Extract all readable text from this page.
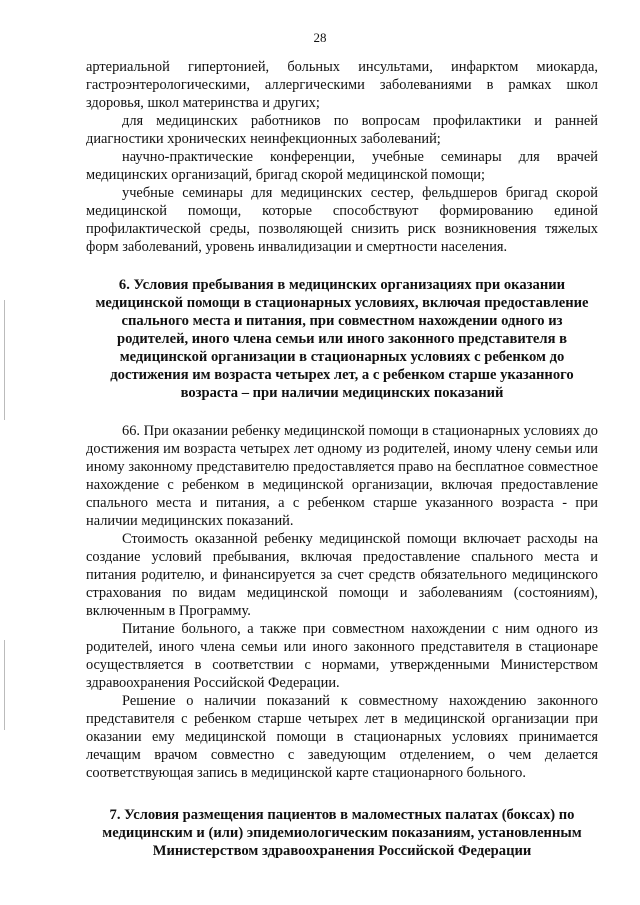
28

артериальной гипертонией, больных инсультами, инфарктом миокарда, гастроэнтерологическими, аллергическими заболеваниями в рамках школ здоровья, школ материнства и других;

для медицинских работников по вопросам профилактики и ранней диагностики хронических неинфекционных заболеваний;

научно-практические конференции, учебные семинары для врачей медицинских организаций, бригад скорой медицинской помощи;

учебные семинары для медицинских сестер, фельдшеров бригад скорой медицинской помощи, которые способствуют формированию единой профилактической среды, позволяющей снизить риск возникновения тяжелых форм заболеваний, уровень инвалидизации и смертности населения.

6. Условия пребывания в медицинских организациях при оказании медицинской помощи в стационарных условиях, включая предоставление спального места и питания, при совместном нахождении одного из родителей, иного члена семьи или иного законного представителя в медицинской организации в стационарных условиях с ребенком до достижения им возраста четырех лет, а с ребенком старше указанного возраста – при наличии медицинских показаний

66. При оказании ребенку медицинской помощи в стационарных условиях до достижения им возраста четырех лет одному из родителей, иному члену семьи или иному законному представителю предоставляется право на бесплатное совместное нахождение с ребенком в медицинской организации, включая предоставление спального места и питания, а с ребенком старше указанного возраста - при наличии медицинских показаний.

Стоимость оказанной ребенку медицинской помощи включает расходы на создание условий пребывания, включая предоставление спального места и питания родителю, и финансируется за счет средств обязательного медицинского страхования по видам медицинской помощи и заболеваниям (состояниям), включенным в Программу.

Питание больного, а также при совместном нахождении с ним одного из родителей, иного члена семьи или иного законного представителя в стационаре осуществляется в соответствии с нормами, утвержденными Министерством здравоохранения Российской Федерации.

Решение о наличии показаний к совместному нахождению законного представителя с ребенком старше четырех лет в медицинской организации при оказании ему медицинской помощи в стационарных условиях принимается лечащим врачом совместно с заведующим отделением, о чем делается соответствующая запись в медицинской карте стационарного больного.

7. Условия размещения пациентов в маломестных палатах (боксах) по медицинским и (или) эпидемиологическим показаниям, установленным Министерством здравоохранения Российской Федерации
